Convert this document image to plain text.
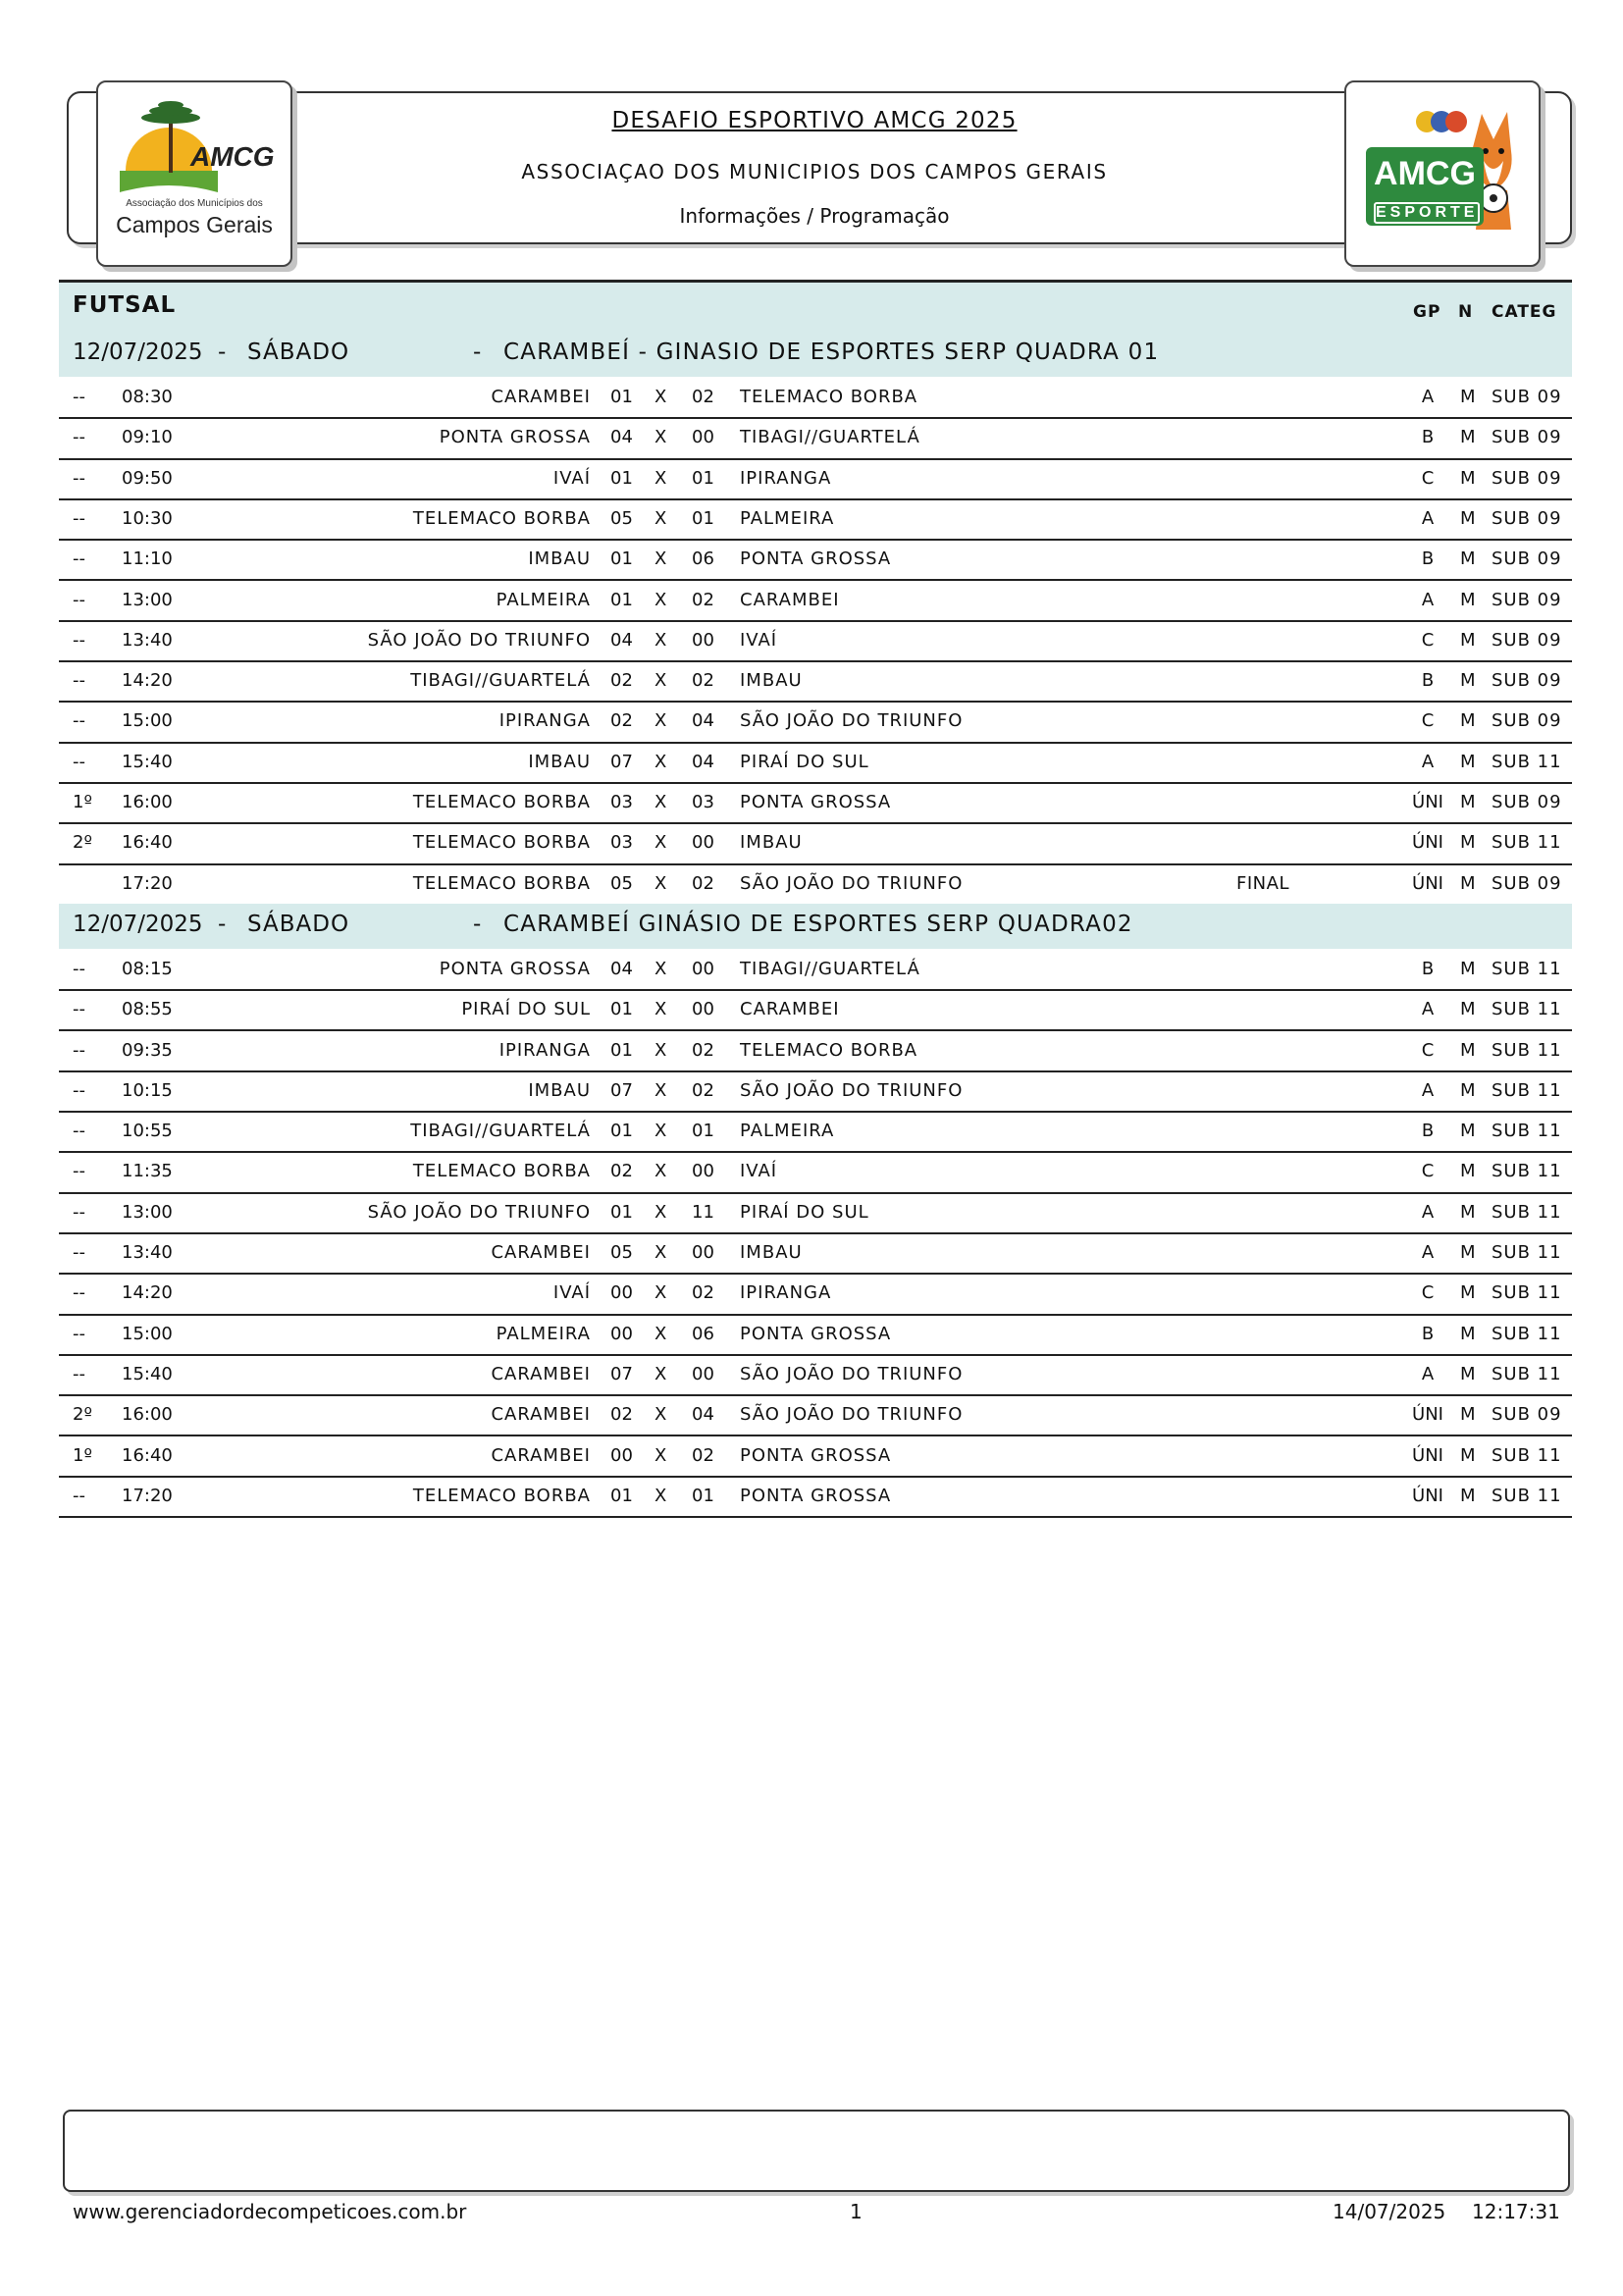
AMCG
Associação dos Municípios dos
Campos Gerais
AMCG
ESPORTE
DESAFIO ESPORTIVO AMCG 2025
ASSOCIAÇAO DOS MUNICIPIOS DOS CAMPOS GERAIS
Informações / Programação
FUTSAL	GP N CATEG
12/07/2025 - SÁBADO	- CARAMBEÍ - GINASIO DE ESPORTES SERP QUADRA 01
-- 08:30	CARAMBEI 01 X 02 TELEMACO BORBA	A	M SUB 09
-- 09:10	PONTA GROSSA 04 X 00 TIBAGI//GUARTELÁ	B	M SUB 09
-- 09:50	IVAÍ 01 X 01 IPIRANGA	C	M SUB 09
-- 10:30	TELEMACO BORBA 05 X 01 PALMEIRA	A	M SUB 09
-- 11:10	IMBAU 01 X 06 PONTA GROSSA	B	M SUB 09
-- 13:00	PALMEIRA 01 X 02 CARAMBEI	A	M SUB 09
-- 13:40	SÃO JOÃO DO TRIUNFO 04 X 00 IVAÍ	C	M SUB 09
-- 14:20	TIBAGI//GUARTELÁ 02 X 02 IMBAU	B	M SUB 09
-- 15:00	IPIRANGA 02 X 04 SÃO JOÃO DO TRIUNFO	C	M SUB 09
-- 15:40	IMBAU 07 X 04 PIRAÍ DO SUL	A	M SUB 11
1º 16:00	TELEMACO BORBA 03 X 03 PONTA GROSSA	ÚNI M SUB 09
2º 16:40	TELEMACO BORBA 03 X 00 IMBAU	ÚNI M SUB 11
17:20	TELEMACO BORBA 05 X 02 SÃO JOÃO DO TRIUNFO	FINAL	ÚNI M SUB 09
12/07/2025 - SÁBADO	- CARAMBEÍ GINÁSIO DE ESPORTES SERP QUADRA02
-- 08:15	PONTA GROSSA 04 X 00 TIBAGI//GUARTELÁ	B	M SUB 11
-- 08:55	PIRAÍ DO SUL 01 X 00 CARAMBEI	A	M SUB 11
-- 09:35	IPIRANGA 01 X 02 TELEMACO BORBA	C	M SUB 11
-- 10:15	IMBAU 07 X 02 SÃO JOÃO DO TRIUNFO	A	M SUB 11
-- 10:55	TIBAGI//GUARTELÁ 01 X 01 PALMEIRA	B	M SUB 11
-- 11:35	TELEMACO BORBA 02 X 00 IVAÍ	C	M SUB 11
-- 13:00	SÃO JOÃO DO TRIUNFO 01 X 11 PIRAÍ DO SUL	A	M SUB 11
-- 13:40	CARAMBEI 05 X 00 IMBAU	A	M SUB 11
-- 14:20	IVAÍ 00 X 02 IPIRANGA	C	M SUB 11
-- 15:00	PALMEIRA 00 X 06 PONTA GROSSA	B	M SUB 11
-- 15:40	CARAMBEI 07 X 00 SÃO JOÃO DO TRIUNFO	A	M SUB 11
2º 16:00	CARAMBEI 02 X 04 SÃO JOÃO DO TRIUNFO	ÚNI M SUB 09
1º 16:40	CARAMBEI 00 X 02 PONTA GROSSA	ÚNI M SUB 11
-- 17:20	TELEMACO BORBA 01 X 01 PONTA GROSSA	ÚNI M SUB 11
www.gerenciadordecompeticoes.com.br	1	14/07/2025 12:17:31
